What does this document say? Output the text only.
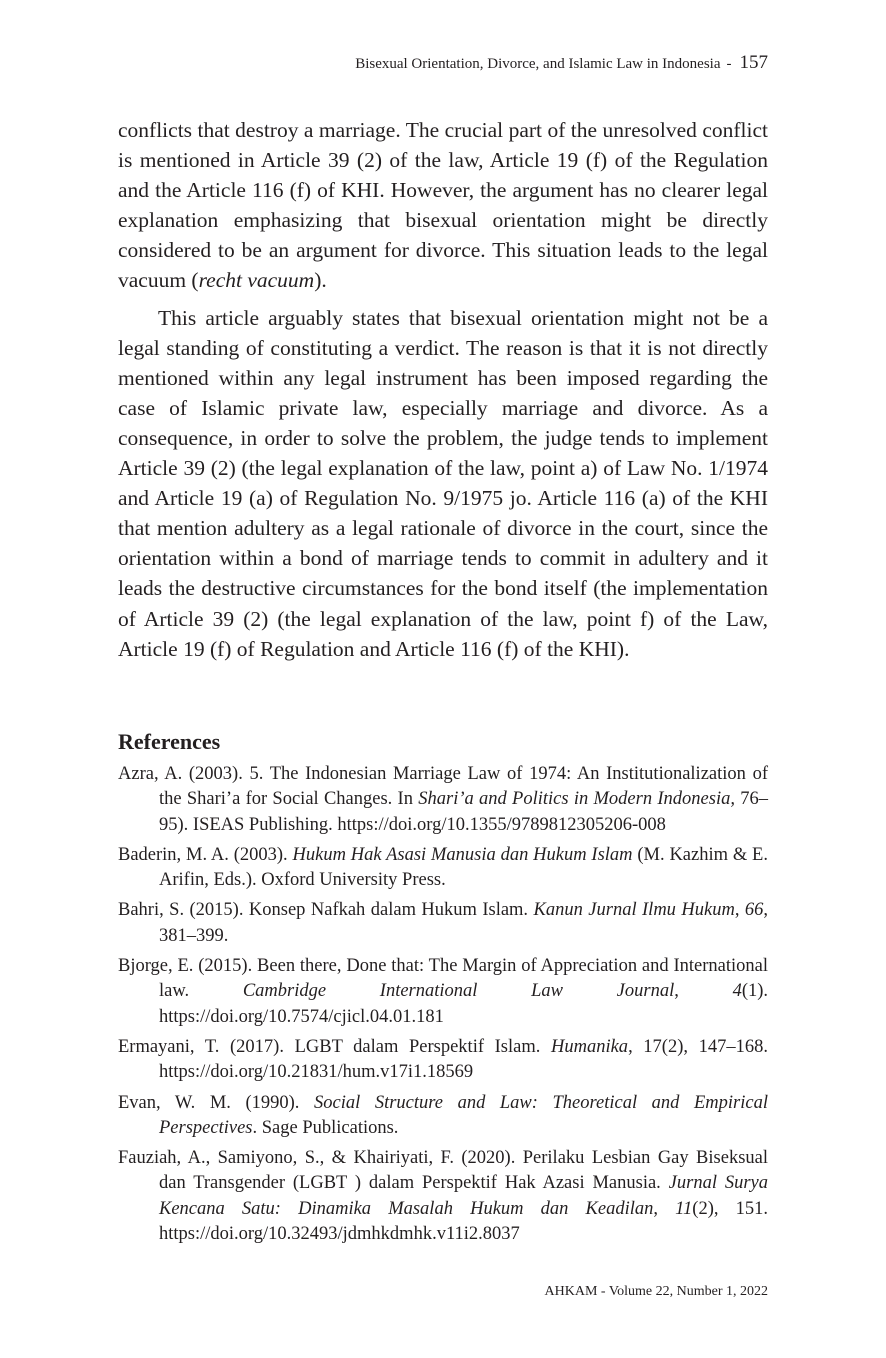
Bisexual Orientation, Divorce, and Islamic Law in Indonesia - 157

conflicts that destroy a marriage. The crucial part of the unresolved conflict is mentioned in Article 39 (2) of the law, Article 19 (f) of the Regulation and the Article 116 (f) of KHI. However, the argument has no clearer legal explanation emphasizing that bisexual orientation might be directly considered to be an argument for divorce. This situation leads to the legal vacuum (recht vacuum).

This article arguably states that bisexual orientation might not be a legal standing of constituting a verdict. The reason is that it is not directly mentioned within any legal instrument has been imposed regarding the case of Islamic private law, especially marriage and divorce. As a consequence, in order to solve the problem, the judge tends to implement Article 39 (2) (the legal explanation of the law, point a) of Law No. 1/1974 and Article 19 (a) of Regulation No. 9/1975 jo. Article 116 (a) of the KHI that mention adultery as a legal rationale of divorce in the court, since the orientation within a bond of marriage tends to commit in adultery and it leads the destructive circumstances for the bond itself (the implementation of Article 39 (2) (the legal explanation of the law, point f) of the Law, Article 19 (f) of Regulation and Article 116 (f) of the KHI).

References
Azra, A. (2003). 5. The Indonesian Marriage Law of 1974: An Institutionalization of the Shari’a for Social Changes. In Shari’a and Politics in Modern Indonesia, 76–95). ISEAS Publishing. https://doi.org/10.1355/9789812305206-008
Baderin, M. A. (2003). Hukum Hak Asasi Manusia dan Hukum Islam (M. Kazhim & E. Arifin, Eds.). Oxford University Press.
Bahri, S. (2015). Konsep Nafkah dalam Hukum Islam. Kanun Jurnal Ilmu Hukum, 66, 381–399.
Bjorge, E. (2015). Been there, Done that: The Margin of Appreciation and International law. Cambridge International Law Journal, 4(1). https://doi.org/10.7574/cjicl.04.01.181
Ermayani, T. (2017). LGBT dalam Perspektif Islam. Humanika, 17(2), 147–168. https://doi.org/10.21831/hum.v17i1.18569
Evan, W. M. (1990). Social Structure and Law: Theoretical and Empirical Perspectives. Sage Publications.
Fauziah, A., Samiyono, S., & Khairiyati, F. (2020). Perilaku Lesbian Gay Biseksual dan Transgender (LGBT ) dalam Perspektif Hak Azasi Manusia. Jurnal Surya Kencana Satu: Dinamika Masalah Hukum dan Keadilan, 11(2), 151. https://doi.org/10.32493/jdmhkdmhk.v11i2.8037
AHKAM - Volume 22, Number 1, 2022
